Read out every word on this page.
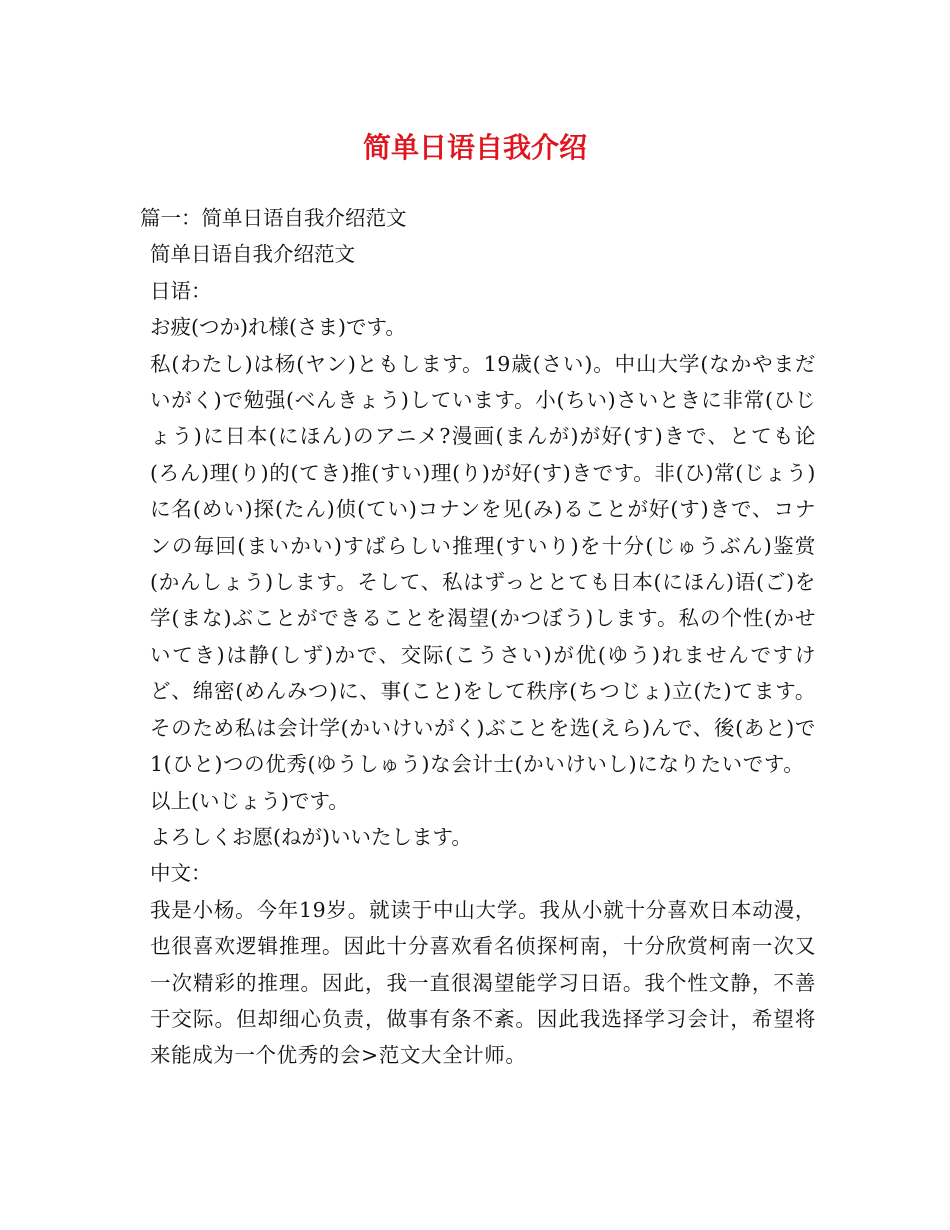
简单日语自我介绍

篇一：简单日语自我介绍范文

简单日语自我介绍范文

日语：

お疲(つか)れ様(さま)です。

私(わたし)は杨(ヤン)ともします。19歳(さい)。中山大学(なかやまだいがく)で勉强(べんきょう)しています。小(ちい)さいときに非常(ひじょう)に日本(にほん)のアニメ?漫画(まんが)が好(す)きで、とても论(ろん)理(り)的(てき)推(すい)理(り)が好(す)きです。非(ひ)常(じょう)に名(めい)探(たん)侦(てい)コナンを见(み)ることが好(す)きで、コナンの毎回(まいかい)すばらしい推理(すいり)を十分(じゅうぶん)鉴赏(かんしょう)します。そして、私はずっととても日本(にほん)语(ご)を学(まな)ぶことができることを渴望(かつぼう)します。私の个性(かせいてき)は静(しず)かで、交际(こうさい)が优(ゆう)れませんですけど、绵密(めんみつ)に、事(こと)をして秩序(ちつじょ)立(た)てます。そのため私は会计学(かいけいがく)ぶことを选(えら)んで、後(あと)で1(ひと)つの优秀(ゆうしゅう)な会计士(かいけいし)になりたいです。

以上(いじょう)です。

よろしくお愿(ねが)いいたします。

中文：

我是小杨。今年19岁。就读于中山大学。我从小就十分喜欢日本动漫，也很喜欢逻辑推理。因此十分喜欢看名侦探柯南，十分欣赏柯南一次又一次精彩的推理。因此，我一直很渴望能学习日语。我个性文静，不善于交际。但却细心负责，做事有条不紊。因此我选择学习会计，希望将来能成为一个优秀的会>范文大全计师。
